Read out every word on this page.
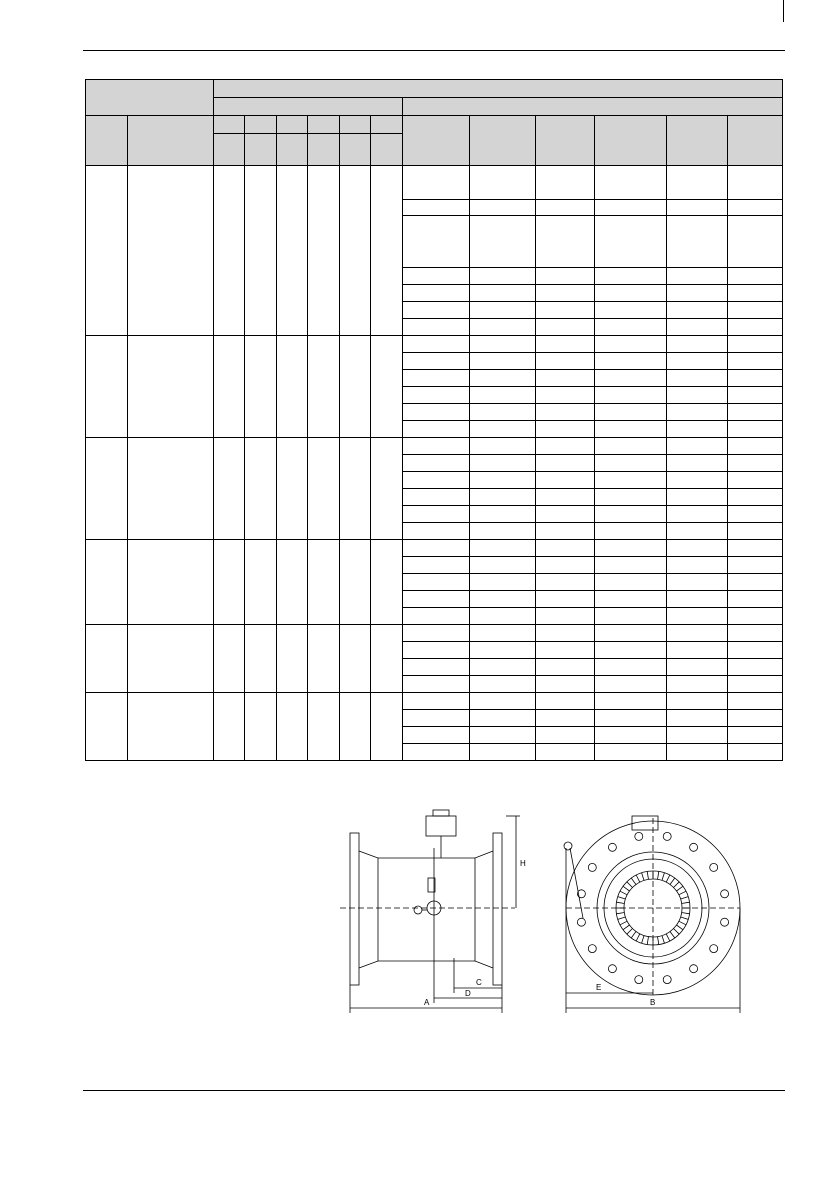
A	B
C
D
E
H
